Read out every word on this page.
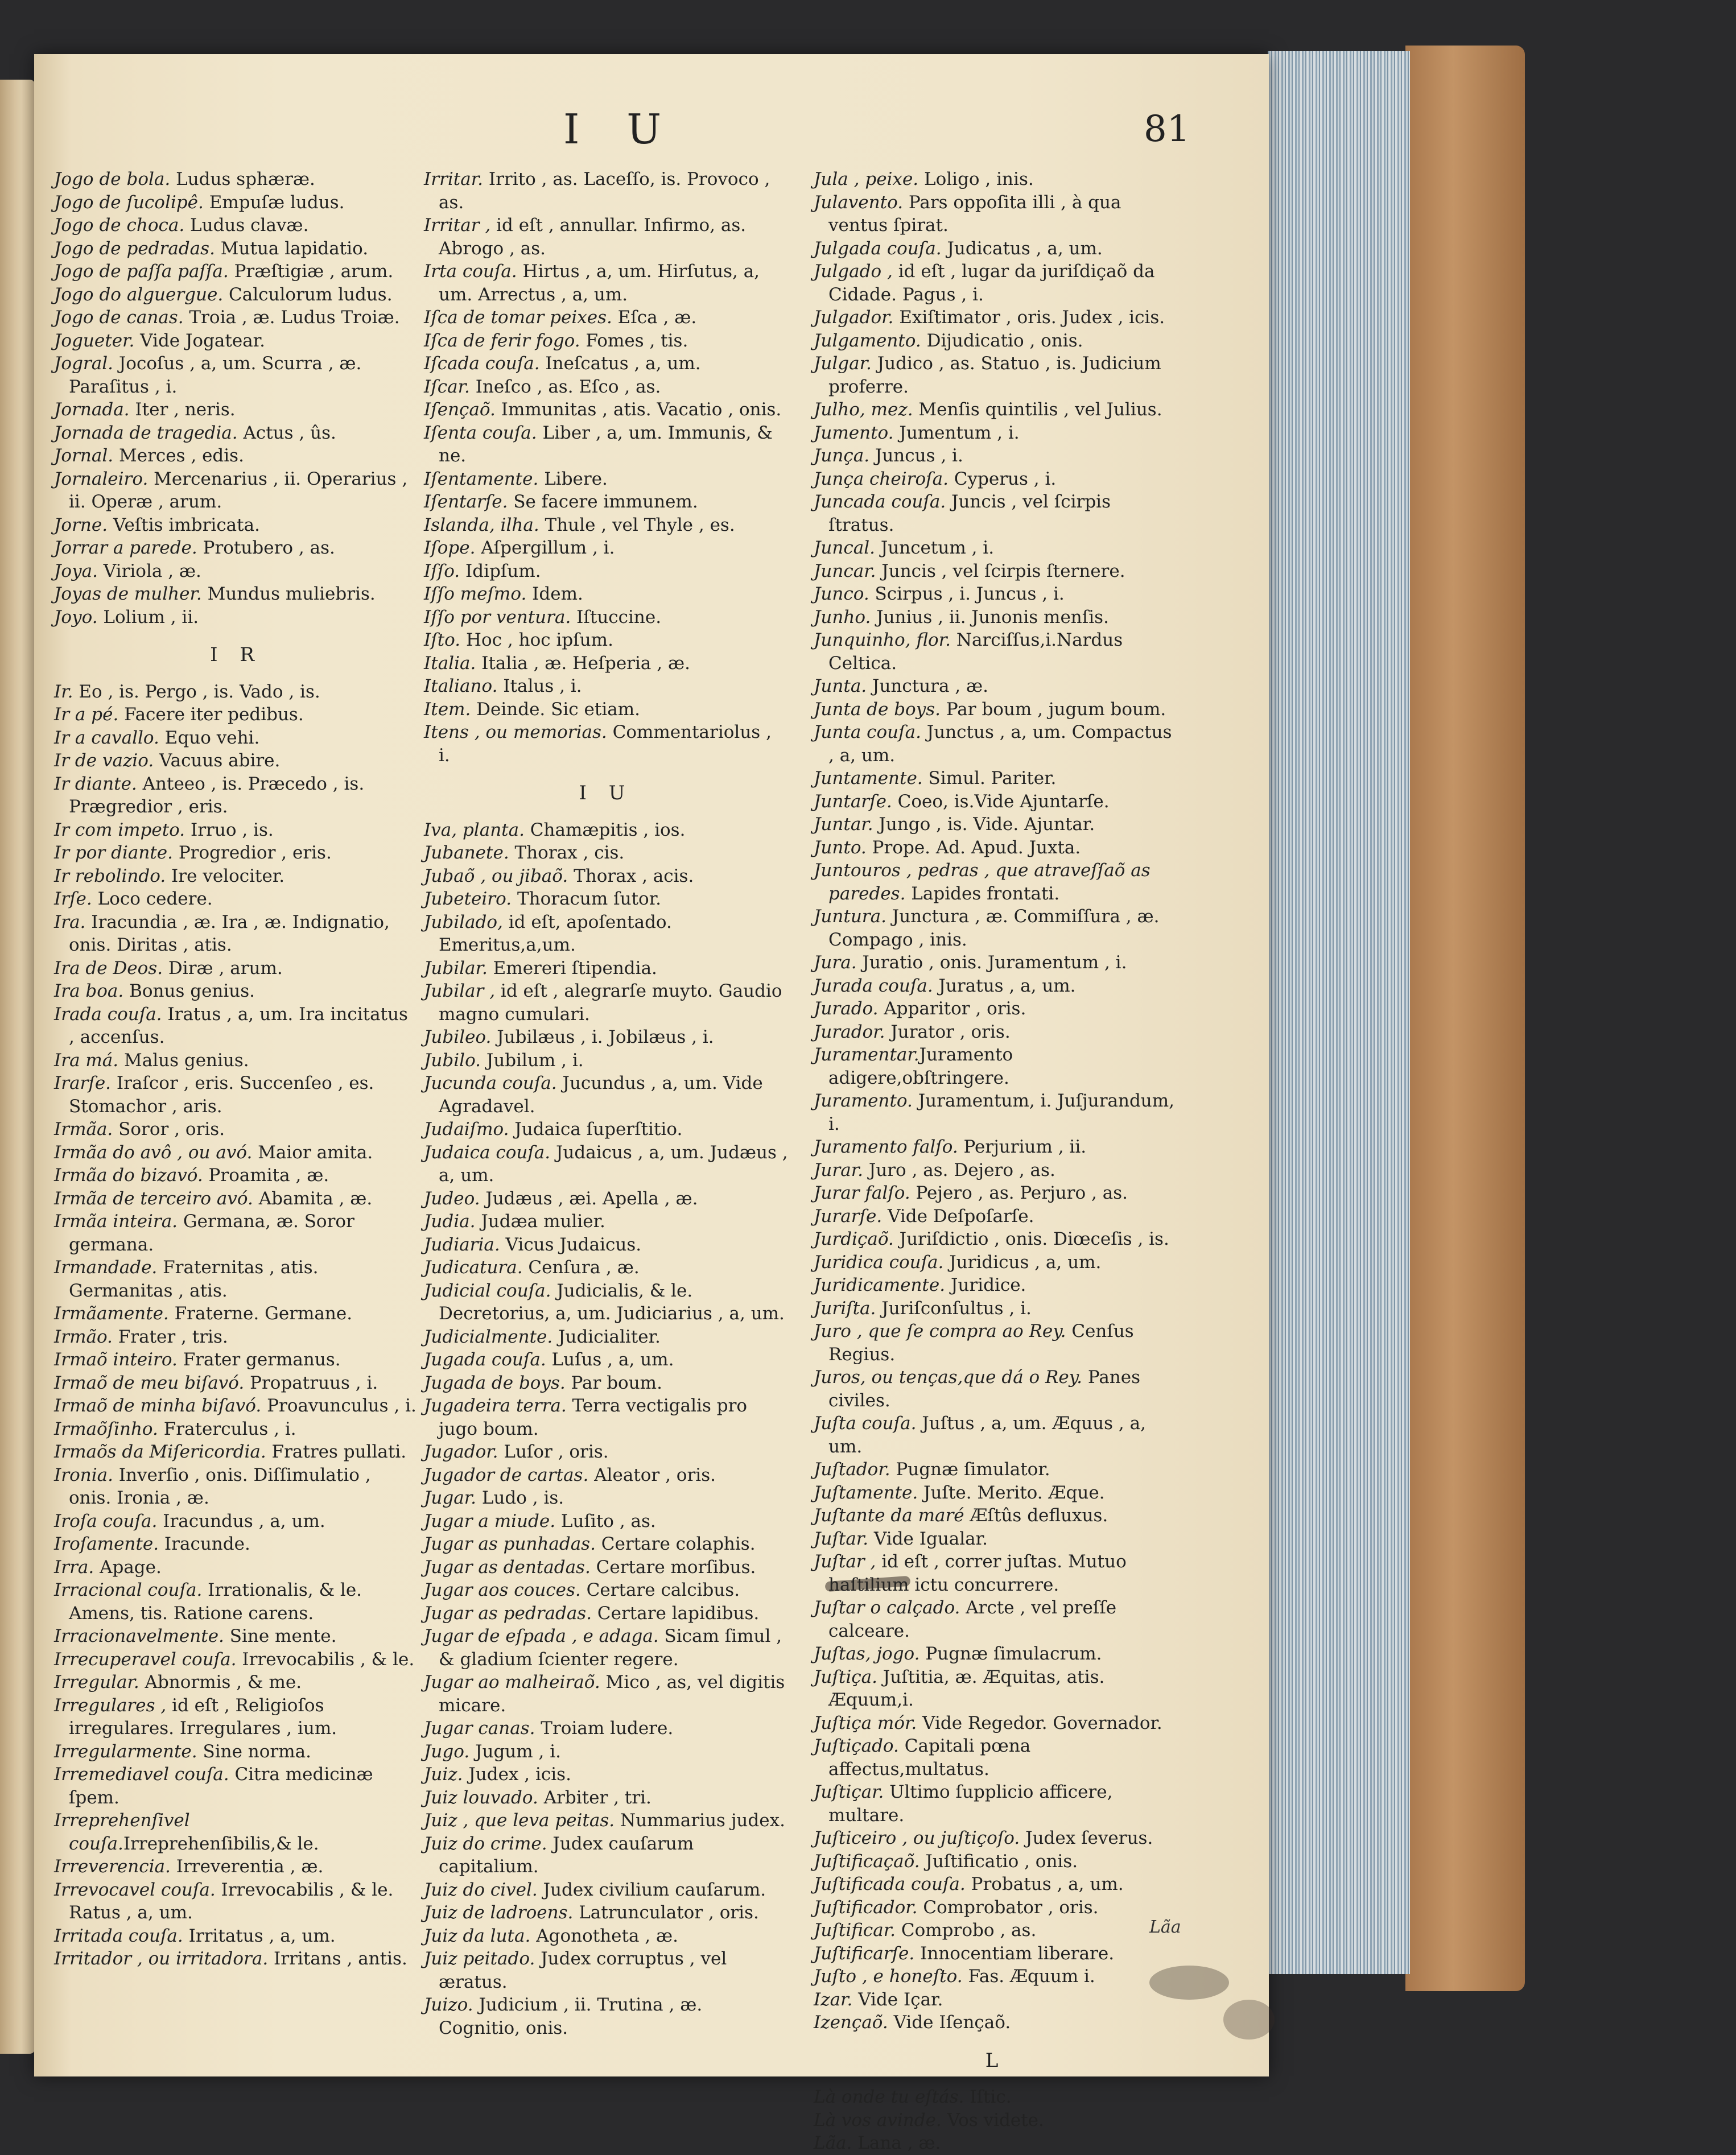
I U	81

Jogo de bola. Ludus sphæræ.

Jogo de ſucolipê. Empuſæ ludus.

Jogo de choca. Ludus clavæ.

Jogo de pedradas. Mutua lapidatio.

Jogo de paſſa paſſa. Præſtigiæ , arum.

Jogo do alguergue. Calculorum ludus.

Jogo de canas. Troia , æ. Ludus Troiæ.

Jogueter. Vide Jogatear.

Jogral. Jocoſus , a, um. Scurra , æ. Paraſitus , i.

Jornada. Iter , neris.

Jornada de tragedia. Actus , ûs.

Jornal. Merces , edis.

Jornaleiro. Mercenarius , ii. Operarius , ii. Operæ , arum.

Jorne. Veſtis imbricata.

Jorrar a parede. Protubero , as.

Joya. Viriola , æ.

Joyas de mulher. Mundus muliebris.

Joyo. Lolium , ii.

I R

Ir. Eo , is. Pergo , is. Vado , is.

Ir a pé. Facere iter pedibus.

Ir a cavallo. Equo vehi.

Ir de vazio. Vacuus abire.

Ir diante. Anteeo , is. Præcedo , is. Prægredior , eris.

Ir com impeto. Irruo , is.

Ir por diante. Progredior , eris.

Ir rebolindo. Ire velociter.

Irſe. Loco cedere.

Ira. Iracundia , æ. Ira , æ. Indignatio, onis. Diritas , atis.

Ira de Deos. Diræ , arum.

Ira boa. Bonus genius.

Irada couſa. Iratus , a, um. Ira incitatus , accenſus.

Ira má. Malus genius.

Irarſe. Iraſcor , eris. Succenſeo , es. Stomachor , aris.

Irmãa. Soror , oris.

Irmãa do avô , ou avó. Maior amita.

Irmãa do bizavó. Proamita , æ.

Irmãa de terceiro avó. Abamita , æ.

Irmãa inteira. Germana, æ. Soror germana.

Irmandade. Fraternitas , atis. Germanitas , atis.

Irmãamente. Fraterne. Germane.

Irmão. Frater , tris.

Irmaõ inteiro. Frater germanus.

Irmaõ de meu biſavó. Propatruus , i.

Irmaõ de minha biſavó. Proavunculus , i.

Irmaõſinho. Fraterculus , i.

Irmaõs da Miſericordia. Fratres pullati.

Ironia. Inverſio , onis. Diſſimulatio , onis. Ironia , æ.

Iroſa couſa. Iracundus , a, um.

Iroſamente. Iracunde.

Irra. Apage.

Irracional couſa. Irrationalis, & le. Amens, tis. Ratione carens.

Irracionavelmente. Sine mente.

Irrecuperavel couſa. Irrevocabilis , & le.

Irregular. Abnormis , & me.

Irregulares , id eſt , Religioſos irregulares. Irregulares , ium.

Irregularmente. Sine norma.

Irremediavel couſa. Citra medicinæ ſpem.

Irreprehenſivel couſa.Irreprehenſibilis,& le.

Irreverencia. Irreverentia , æ.

Irrevocavel couſa. Irrevocabilis , & le. Ratus , a, um.

Irritada couſa. Irritatus , a, um.

Irritador , ou irritadora. Irritans , antis.

Irritar. Irrito , as. Laceſſo, is. Provoco , as.

Irritar , id eſt , annullar. Infirmo, as. Abrogo , as.

Irta couſa. Hirtus , a, um. Hirſutus, a, um. Arrectus , a, um.

Iſca de tomar peixes. Eſca , æ.

Iſca de ferir fogo. Fomes , tis.

Iſcada couſa. Ineſcatus , a, um.

Iſcar. Ineſco , as. Eſco , as.

Iſençaõ. Immunitas , atis. Vacatio , onis.

Iſenta couſa. Liber , a, um. Immunis, & ne.

Iſentamente. Libere.

Iſentarſe. Se facere immunem.

Islanda, ilha. Thule , vel Thyle , es.

Iſope. Aſpergillum , i.

Iſſo. Idipſum.

Iſſo meſmo. Idem.

Iſſo por ventura. Iſtuccine.

Iſto. Hoc , hoc ipſum.

Italia. Italia , æ. Heſperia , æ.

Italiano. Italus , i.

Item. Deinde. Sic etiam.

Itens , ou memorias. Commentariolus , i.

I U

Iva, planta. Chamæpitis , ios.

Jubanete. Thorax , cis.

Jubaõ , ou jibaõ. Thorax , acis.

Jubeteiro. Thoracum ſutor.

Jubilado, id eſt, apoſentado. Emeritus,a,um.

Jubilar. Emereri ſtipendia.

Jubilar , id eſt , alegrarſe muyto. Gaudio magno cumulari.

Jubileo. Jubilæus , i. Jobilæus , i.

Jubilo. Jubilum , i.

Jucunda couſa. Jucundus , a, um. Vide Agradavel.

Judaiſmo. Judaica ſuperſtitio.

Judaica couſa. Judaicus , a, um. Judæus , a, um.

Judeo. Judæus , æi. Apella , æ.

Judia. Judæa mulier.

Judiaria. Vicus Judaicus.

Judicatura. Cenſura , æ.

Judicial couſa. Judicialis, & le. Decretorius, a, um. Judiciarius , a, um.

Judicialmente. Judicialiter.

Jugada couſa. Luſus , a, um.

Jugada de boys. Par boum.

Jugadeira terra. Terra vectigalis pro jugo boum.

Jugador. Luſor , oris.

Jugador de cartas. Aleator , oris.

Jugar. Ludo , is.

Jugar a miude. Luſito , as.

Jugar as punhadas. Certare colaphis.

Jugar as dentadas. Certare morſibus.

Jugar aos couces. Certare calcibus.

Jugar as pedradas. Certare lapidibus.

Jugar de eſpada , e adaga. Sicam ſimul , & gladium ſcienter regere.

Jugar ao malheiraõ. Mico , as, vel digitis micare.

Jugar canas. Troiam ludere.

Jugo. Jugum , i.

Juiz. Judex , icis.

Juiz louvado. Arbiter , tri.

Juiz , que leva peitas. Nummarius judex.

Juiz do crime. Judex cauſarum capitalium.

Juiz do civel. Judex civilium cauſarum.

Juiz de ladroens. Latrunculator , oris.

Juiz da luta. Agonotheta , æ.

Juiz peitado. Judex corruptus , vel æratus.

Juizo. Judicium , ii. Trutina , æ. Cognitio, onis.

Jula , peixe. Loligo , inis.

Julavento. Pars oppoſita illi , à qua ventus ſpirat.

Julgada couſa. Judicatus , a, um.

Julgado , id eſt , lugar da juriſdiçaõ da Cidade. Pagus , i.

Julgador. Exiſtimator , oris. Judex , icis.

Julgamento. Dijudicatio , onis.

Julgar. Judico , as. Statuo , is. Judicium proferre.

Julho, mez. Menſis quintilis , vel Julius.

Jumento. Jumentum , i.

Junça. Juncus , i.

Junça cheiroſa. Cyperus , i.

Juncada couſa. Juncis , vel ſcirpis ſtratus.

Juncal. Juncetum , i.

Juncar. Juncis , vel ſcirpis ſternere.

Junco. Scirpus , i. Juncus , i.

Junho. Junius , ii. Junonis menſis.

Junquinho, flor. Narciſſus,i.Nardus Celtica.

Junta. Junctura , æ.

Junta de boys. Par boum , jugum boum.

Junta couſa. Junctus , a, um. Compactus , a, um.

Juntamente. Simul. Pariter.

Juntarſe. Coeo, is.Vide Ajuntarſe.

Juntar. Jungo , is. Vide. Ajuntar.

Junto. Prope. Ad. Apud. Juxta.

Juntouros , pedras , que atraveſſaõ as paredes. Lapides frontati.

Juntura. Junctura , æ. Commiſſura , æ. Compago , inis.

Jura. Juratio , onis. Juramentum , i.

Jurada couſa. Juratus , a, um.

Jurado. Apparitor , oris.

Jurador. Jurator , oris.

Juramentar.Juramento adigere,obſtringere.

Juramento. Juramentum, i. Juſjurandum, i.

Juramento falſo. Perjurium , ii.

Jurar. Juro , as. Dejero , as.

Jurar falſo. Pejero , as. Perjuro , as.

Jurarſe. Vide Deſpoſarſe.

Jurdiçaõ. Juriſdictio , onis. Diœceſis , is.

Juridica couſa. Juridicus , a, um.

Juridicamente. Juridice.

Juriſta. Juriſconſultus , i.

Juro , que ſe compra ao Rey. Cenſus Regius.

Juros, ou tenças,que dá o Rey. Panes civiles.

Juſta couſa. Juſtus , a, um. Æquus , a, um.

Juſtador. Pugnæ ſimulator.

Juſtamente. Juſte. Merito. Æque.

Juſtante da maré Æſtûs defluxus.

Juſtar. Vide Igualar.

Juſtar , id eſt , correr juſtas. Mutuo haſtilium ictu concurrere.

Juſtar o calçado. Arcte , vel preſſe calceare.

Juſtas, jogo. Pugnæ ſimulacrum.

Juſtiça. Juſtitia, æ. Æquitas, atis. Æquum,i.

Juſtiça mór. Vide Regedor. Governador.

Juſtiçado. Capitali pœna affectus,multatus.

Juſtiçar. Ultimo ſupplicio afficere, multare.

Juſticeiro , ou juſtiçoſo. Judex ſeverus.

Juſtificaçaõ. Juſtificatio , onis.

Juſtificada couſa. Probatus , a, um.

Juſtificador. Comprobator , oris.

Juſtificar. Comprobo , as.

Juſtificarſe. Innocentiam liberare.

Juſto , e honeſto. Fas. Æquum i.

Izar. Vide Içar.

Izençaõ. Vide Iſençaõ.

L

Là onde tu eſtás. Iſtic.

Là vos avinde. Vos videte.

Lãa. Lana , æ.

Lãa
